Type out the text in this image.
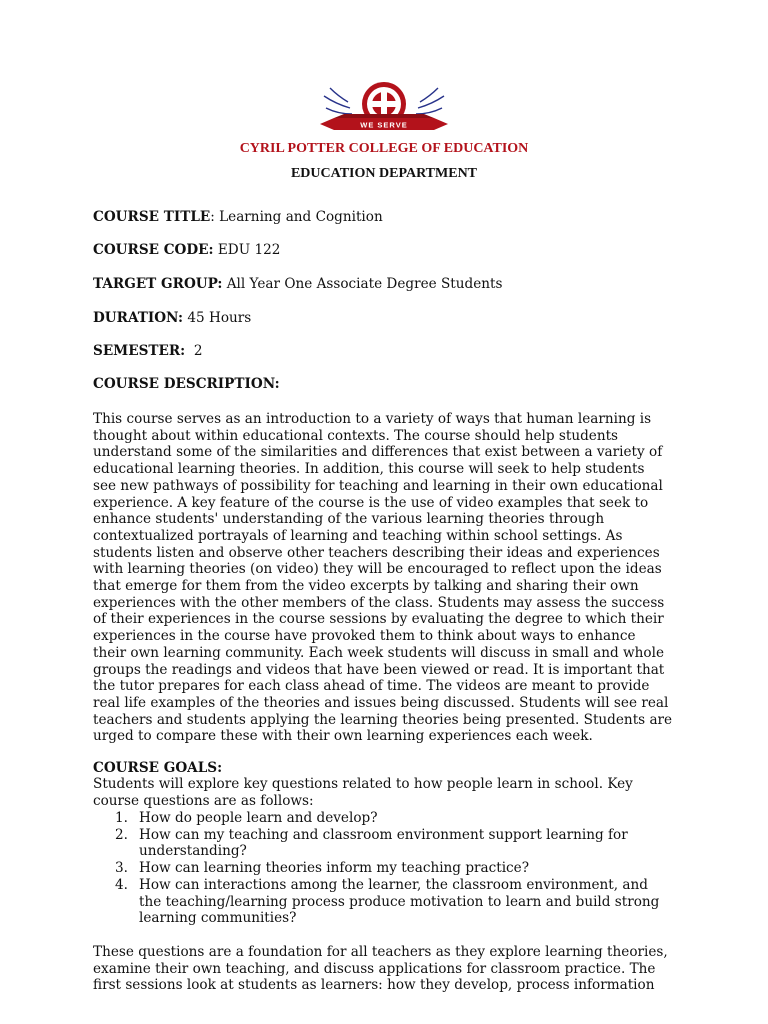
WE SERVE
CYRIL POTTER COLLEGE OF EDUCATION
EDUCATION DEPARTMENT
COURSE TITLE: Learning and Cognition
COURSE CODE: EDU 122
TARGET GROUP: All Year One Associate Degree Students
DURATION: 45 Hours
SEMESTER:  2
COURSE DESCRIPTION:
This course serves as an introduction to a variety of ways that human learning is
thought about within educational contexts. The course should help students
understand some of the similarities and differences that exist between a variety of
educational learning theories. In addition, this course will seek to help students
see new pathways of possibility for teaching and learning in their own educational
experience. A key feature of the course is the use of video examples that seek to
enhance students' understanding of the various learning theories through
contextualized portrayals of learning and teaching within school settings. As
students listen and observe other teachers describing their ideas and experiences
with learning theories (on video) they will be encouraged to reflect upon the ideas
that emerge for them from the video excerpts by talking and sharing their own
experiences with the other members of the class. Students may assess the success
of their experiences in the course sessions by evaluating the degree to which their
experiences in the course have provoked them to think about ways to enhance
their own learning community. Each week students will discuss in small and whole
groups the readings and videos that have been viewed or read. It is important that
the tutor prepares for each class ahead of time. The videos are meant to provide
real life examples of the theories and issues being discussed. Students will see real
teachers and students applying the learning theories being presented. Students are
urged to compare these with their own learning experiences each week.
COURSE GOALS:
Students will explore key questions related to how people learn in school. Key
course questions are as follows:
1. How do people learn and develop?
2. How can my teaching and classroom environment support learning for
understanding?
3. How can learning theories inform my teaching practice?
4. How can interactions among the learner, the classroom environment, and
the teaching/learning process produce motivation to learn and build strong
learning communities?
These questions are a foundation for all teachers as they explore learning theories,
examine their own teaching, and discuss applications for classroom practice. The
first sessions look at students as learners: how they develop, process information
